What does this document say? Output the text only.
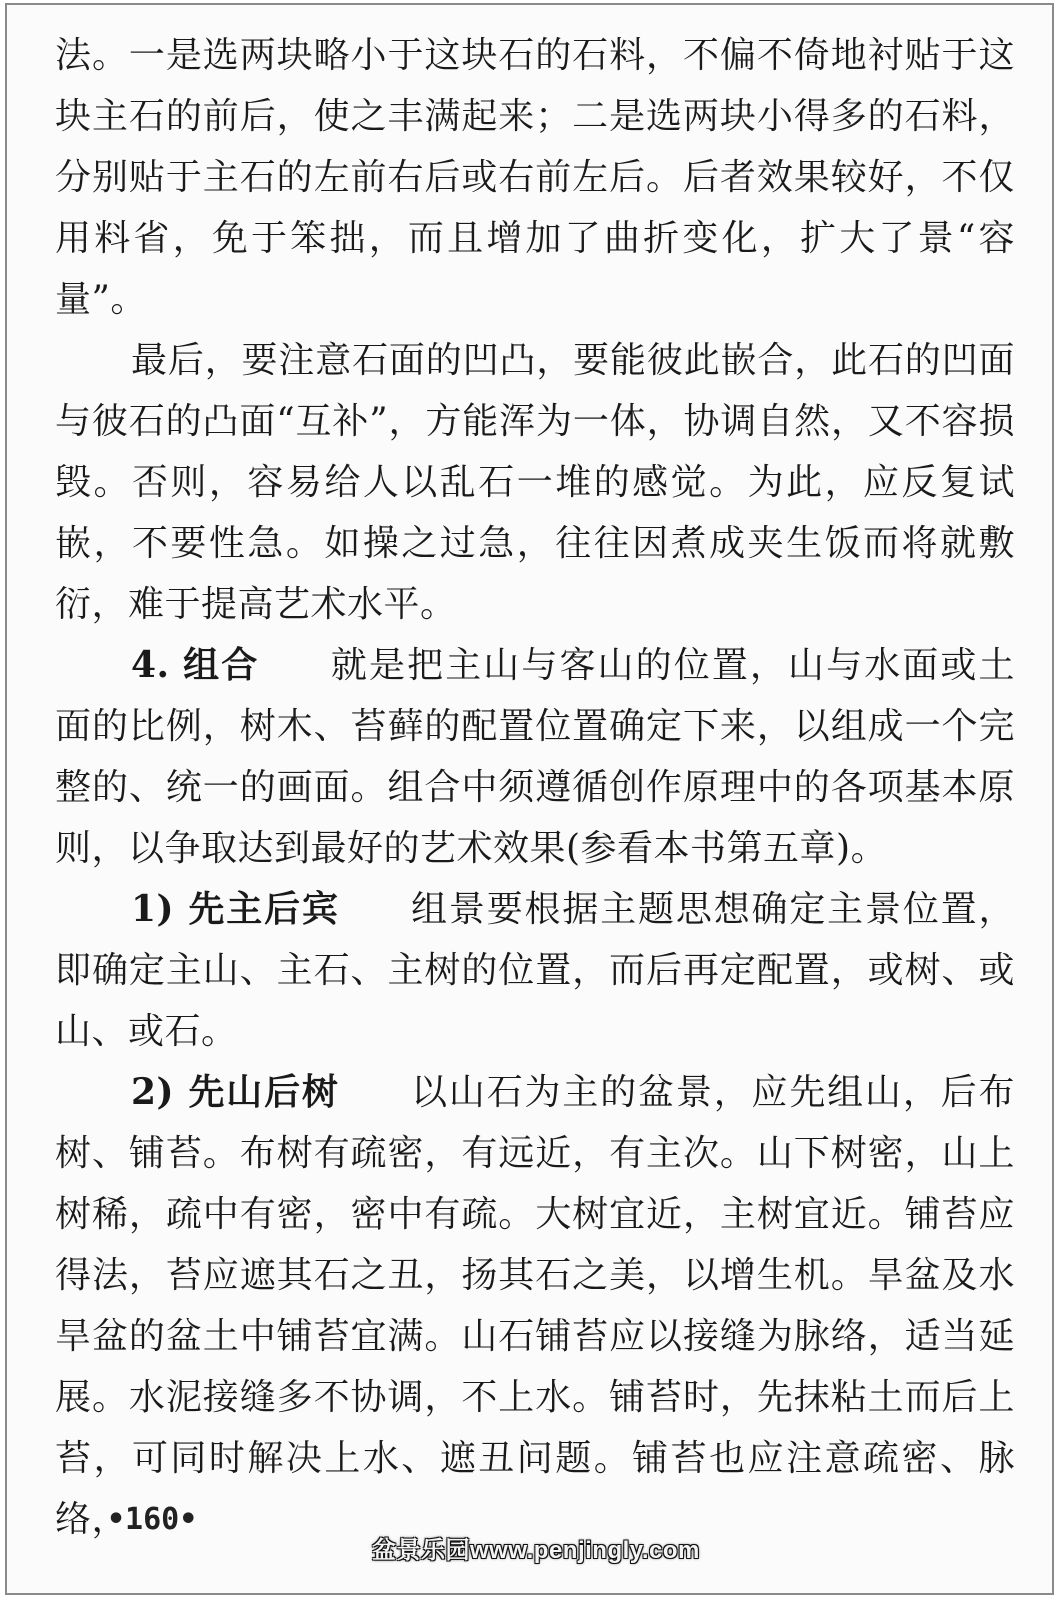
法。一是选两块略小于这块石的石料，不偏不倚地衬贴于这块主石的前后，使之丰满起来；二是选两块小得多的石料，分别贴于主石的左前右后或右前左后。后者效果较好，不仅用料省，免于笨拙，而且增加了曲折变化，扩大了景“容量”。

最后，要注意石面的凹凸，要能彼此嵌合，此石的凹面与彼石的凸面“互补”，方能浑为一体，协调自然，又不容损毁。否则，容易给人以乱石一堆的感觉。为此，应反复试嵌，不要性急。如操之过急，往往因煮成夹生饭而将就敷衍，难于提高艺术水平。

4. 组合 就是把主山与客山的位置，山与水面或土面的比例，树木、苔藓的配置位置确定下来，以组成一个完整的、统一的画面。组合中须遵循创作原理中的各项基本原则，以争取达到最好的艺术效果(参看本书第五章)。

1) 先主后宾 组景要根据主题思想确定主景位置，即确定主山、主石、主树的位置，而后再定配置，或树、或山、或石。

2) 先山后树 以山石为主的盆景，应先组山，后布树、铺苔。布树有疏密，有远近，有主次。山下树密，山上树稀，疏中有密，密中有疏。大树宜近，主树宜近。铺苔应得法，苔应遮其石之丑，扬其石之美，以增生机。旱盆及水旱盆的盆土中铺苔宜满。山石铺苔应以接缝为脉络，适当延展。水泥接缝多不协调，不上水。铺苔时，先抹粘土而后上苔，可同时解决上水、遮丑问题。铺苔也应注意疏密、脉络，

•160•
盆景乐园www.penjingly.com
